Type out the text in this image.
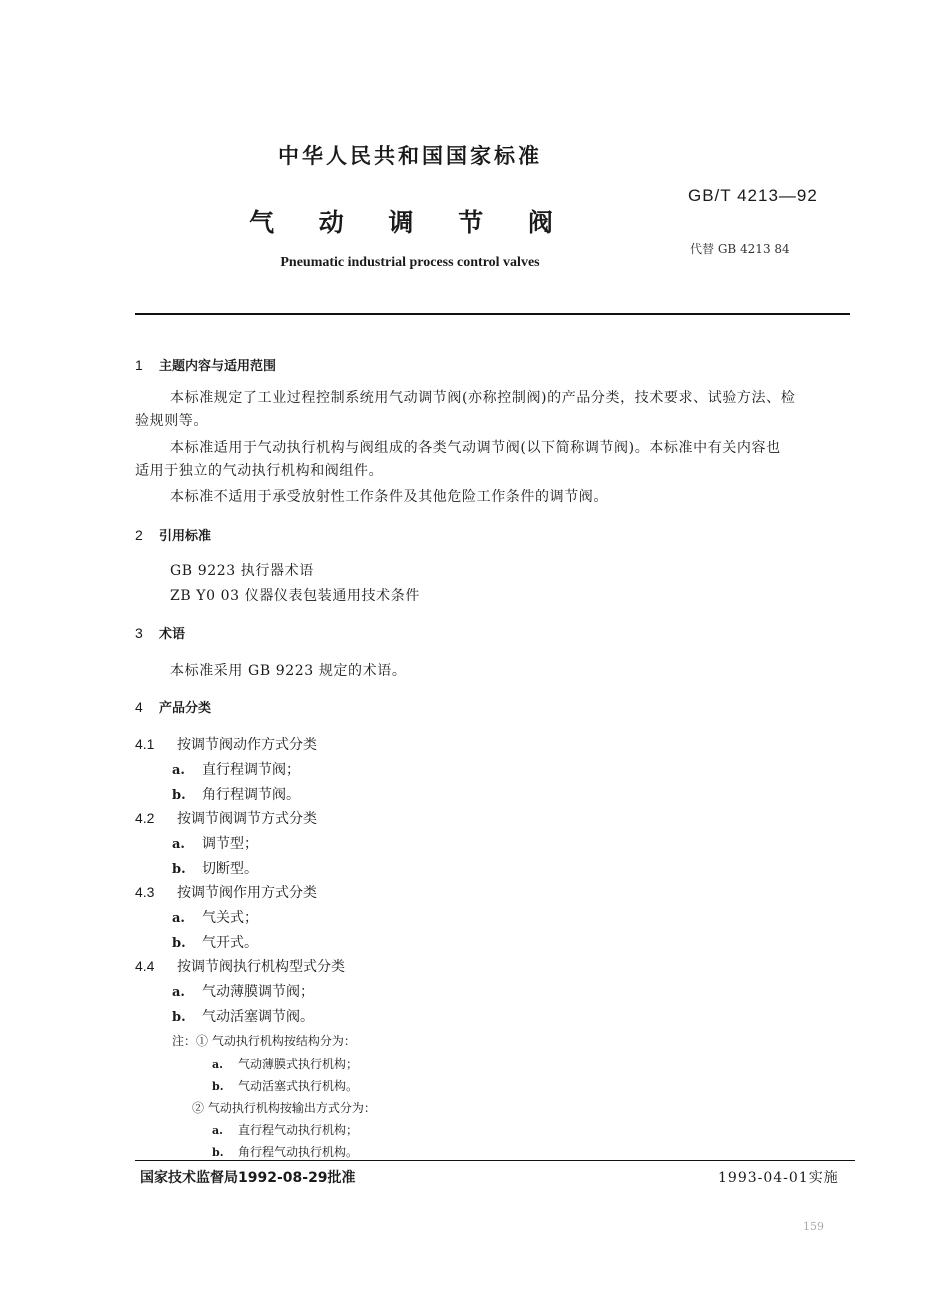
中华人民共和国国家标准
GB/T 4213—92
气 动 调 节 阀
代替 GB 4213 84
Pneumatic industrial process control valves
1 主题内容与适用范围
本标准规定了工业过程控制系统用气动调节阀(亦称控制阀)的产品分类，技术要求、试验方法、检
验规则等。
本标准适用于气动执行机构与阀组成的各类气动调节阀(以下简称调节阀)。本标准中有关内容也
适用于独立的气动执行机构和阀组件。
本标准不适用于承受放射性工作条件及其他危险工作条件的调节阀。
2 引用标准
GB 9223 执行器术语
ZB Y0 03 仪器仪表包装通用技术条件
3 术语
本标准采用 GB 9223 规定的术语。
4 产品分类
4.1 按调节阀动作方式分类
a. 直行程调节阀；
b. 角行程调节阀。
4.2 按调节阀调节方式分类
a. 调节型；
b. 切断型。
4.3 按调节阀作用方式分类
a. 气关式；
b. 气开式。
4.4 按调节阀执行机构型式分类
a. 气动薄膜调节阀；
b. 气动活塞调节阀。
注：① 气动执行机构按结构分为：
a. 气动薄膜式执行机构；
b. 气动活塞式执行机构。
② 气动执行机构按输出方式分为：
a. 直行程气动执行机构；
b. 角行程气动执行机构。
国家技术监督局1992-08-29批准	1993-04-01实施
159
